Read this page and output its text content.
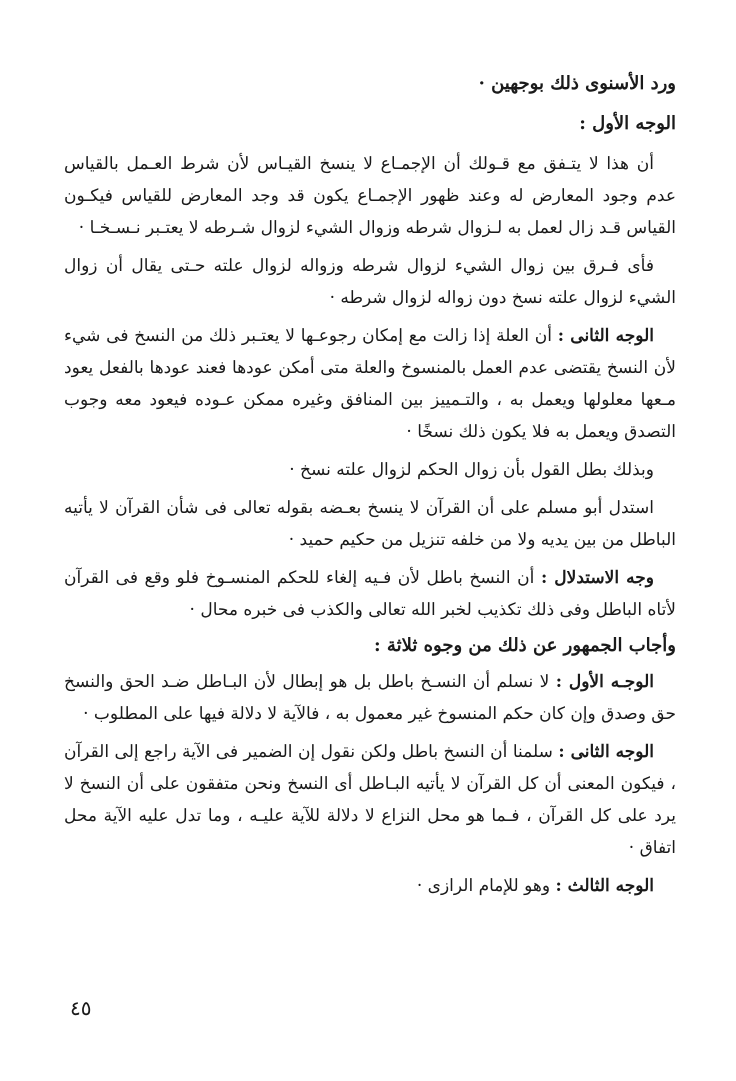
ورد الأسنوى ذلك بوجهين ·

الوجه الأول :

أن هذا لا يتـفق مع قـولك أن الإجمـاع لا ينسخ القيـاس لأن شرط العـمل بالقياس عدم وجود المعارض له وعند ظهور الإجمـاع يكون قد وجد المعارض للقياس فيكـون القياس قـد زال لعمل به لـزوال شرطه وزوال الشيء لزوال شـرطه لا يعتـبر نـسـخـا ·

فأى فـرق بين زوال الشيء لزوال شرطه وزواله لزوال علته حـتى يقال أن زوال الشيء لزوال علته نسخ دون زواله لزوال شرطه ·

الوجه الثانى : أن العلة إذا زالت مع إمكان رجوعـها لا يعتـبر ذلك من النسخ فى شيء لأن النسخ يقتضى عدم العمل بالمنسوخ والعلة متى أمكن عودها فعند عودها بالفعل يعود مـعها معلولها ويعمل به ، والتـمييز بين المنافق وغيره ممكن عـوده فيعود معه وجوب التصدق ويعمل به فلا يكون ذلك نسخًا ·

وبذلك بطل القول بأن زوال الحكم لزوال علته نسخ ·

استدل أبو مسلم على أن القرآن لا ينسخ بعـضه بقوله تعالى فى شأن القرآن لا يأتيه الباطل من بين يديه ولا من خلفه تنزيل من حكيم حميد ·

وجه الاستدلال : أن النسخ باطل لأن فـيه إلغاء للحكم المنسـوخ فلو وقع فى القرآن لأتاه الباطل وفى ذلك تكذيب لخبر الله تعالى والكذب فى خبره محال ·

وأجاب الجمهور عن ذلك من وجوه ثلاثة :

الوجـه الأول : لا نسلم أن النسـخ باطل بل هو إبطال لأن البـاطل ضـد الحق والنسخ حق وصدق وإن كان حكم المنسوخ غير معمول به ، فالآية لا دلالة فيها على المطلوب ·

الوجه الثانى : سلمنا أن النسخ باطل ولكن نقول إن الضمير فى الآية راجع إلى القرآن ، فيكون المعنى أن كل القرآن لا يأتيه البـاطل أى النسخ ونحن متفقون على أن النسخ لا يرد على كل القرآن ، فـما هو محل النزاع لا دلالة للآية عليـه ، وما تدل عليه الآية محل اتفاق ·

الوجه الثالث : وهو للإمام الرازى ·

٤٥
